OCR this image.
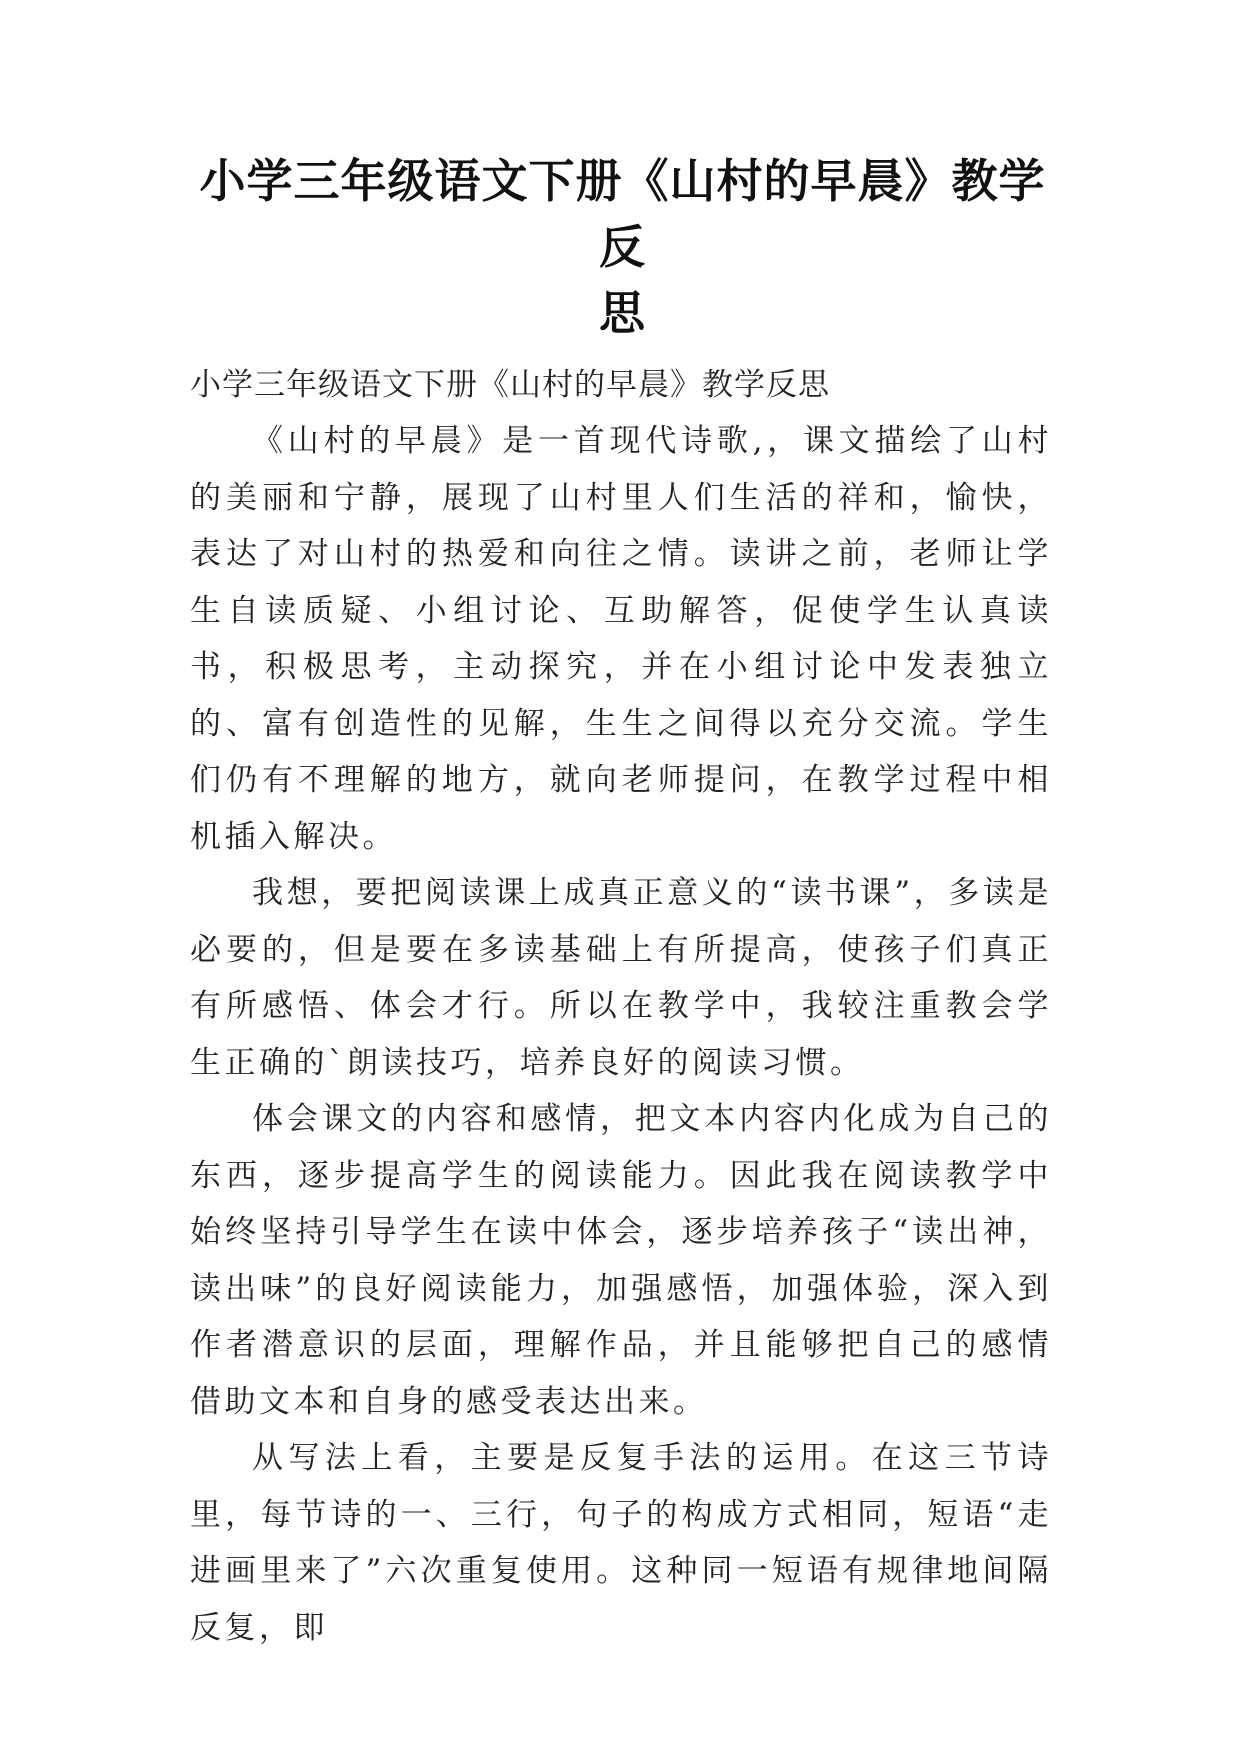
小学三年级语文下册《山村的早晨》教学反
思

小学三年级语文下册《山村的早晨》教学反思

《山村的早晨》是一首现代诗歌,，课文描绘了山村的美丽和宁静，展现了山村里人们生活的祥和，愉快，表达了对山村的热爱和向往之情。读讲之前，老师让学生自读质疑、小组讨论、互助解答，促使学生认真读书，积极思考，主动探究，并在小组讨论中发表独立的、富有创造性的见解，生生之间得以充分交流。学生们仍有不理解的地方，就向老师提问，在教学过程中相机插入解决。

我想，要把阅读课上成真正意义的“读书课”，多读是必要的，但是要在多读基础上有所提高，使孩子们真正有所感悟、体会才行。所以在教学中，我较注重教会学生正确的`朗读技巧，培养良好的阅读习惯。

体会课文的内容和感情，把文本内容内化成为自己的东西，逐步提高学生的阅读能力。因此我在阅读教学中始终坚持引导学生在读中体会，逐步培养孩子“读出神，读出味”的良好阅读能力，加强感悟，加强体验，深入到作者潜意识的层面，理解作品，并且能够把自己的感情借助文本和自身的感受表达出来。

从写法上看，主要是反复手法的运用。在这三节诗里，每节诗的一、三行，句子的构成方式相同，短语“走进画里来了”六次重复使用。这种同一短语有规律地间隔反复，即
